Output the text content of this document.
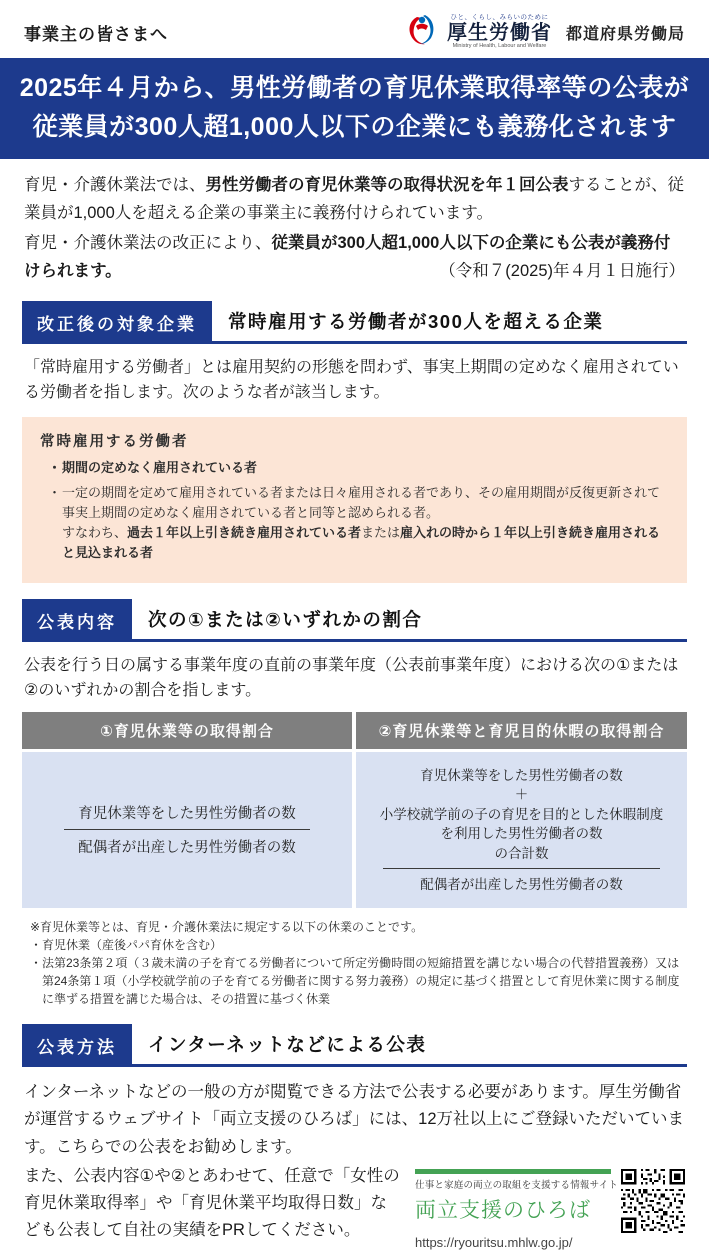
事業主の皆さまへ
ひと、くらし、みらいのために
厚生労働省
Ministry of Health, Labour and Welfare
都道府県労働局
2025年４月から、男性労働者の育児休業取得率等の公表が
従業員が300人超1,000人以下の企業にも義務化されます

育児・介護休業法では、男性労働者の育児休業等の取得状況を年１回公表することが、従業員が1,000人を超える企業の事業主に義務付けられています。

育児・介護休業法の改正により、従業員が300人超1,000人以下の企業にも公表が義務付けられます。	（令和７(2025)年４月１日施行）

改正後の対象企業	常時雇用する労働者が300人を超える企業
「常時雇用する労働者」とは雇用契約の形態を問わず、事実上期間の定めなく雇用されている労働者を指します。次のような者が該当します。
常時雇用する労働者
・ 期間の定めなく雇用されている者
・ 一定の期間を定めて雇用されている者または日々雇用される者であり、その雇用期間が反復更新されて事実上期間の定めなく雇用されている者と同等と認められる者。
すなわち、過去１年以上引き続き雇用されている者または雇入れの時から１年以上引き続き雇用されると見込まれる者
公表内容	次の①または②いずれかの割合
公表を行う日の属する事業年度の直前の事業年度（公表前事業年度）における次の①または②のいずれかの割合を指します。
①育児休業等の取得割合	②育児休業等と育児目的休暇の取得割合
$\frac{\text{育児休業等をした男性労働者の数}}{\text{配偶者が出産した男性労働者の数}}$	育児休業等をした男性労働者の数
＋
小学校就学前の子の育児を目的とした休暇制度
を利用した男性労働者の数
の合計数
配偶者が出産した男性労働者の数
※育児休業等とは、育児・介護休業法に規定する以下の休業のことです。
・育児休業（産後パパ育休を含む）
・法第23条第２項（３歳未満の子を育てる労働者について所定労働時間の短縮措置を講じない場合の代替措置義務）又は第24条第１項（小学校就学前の子を育てる労働者に関する努力義務）の規定に基づく措置として育児休業に関する制度に準ずる措置を講じた場合は、その措置に基づく休業
公表方法	インターネットなどによる公表
インターネットなどの一般の方が閲覧できる方法で公表する必要があります。厚生労働省が運営するウェブサイト「両立支援のひろば」には、12万社以上にご登録いただいています。こちらでの公表をお勧めします。
また、公表内容①や②とあわせて、任意で「女性の育児休業取得率」や「育児休業平均取得日数」なども公表して自社の実績をPRしてください。
仕事と家庭の両立の取組を支援する情報サイト
両立支援のひろば
https://ryouritsu.mhlw.go.jp/
